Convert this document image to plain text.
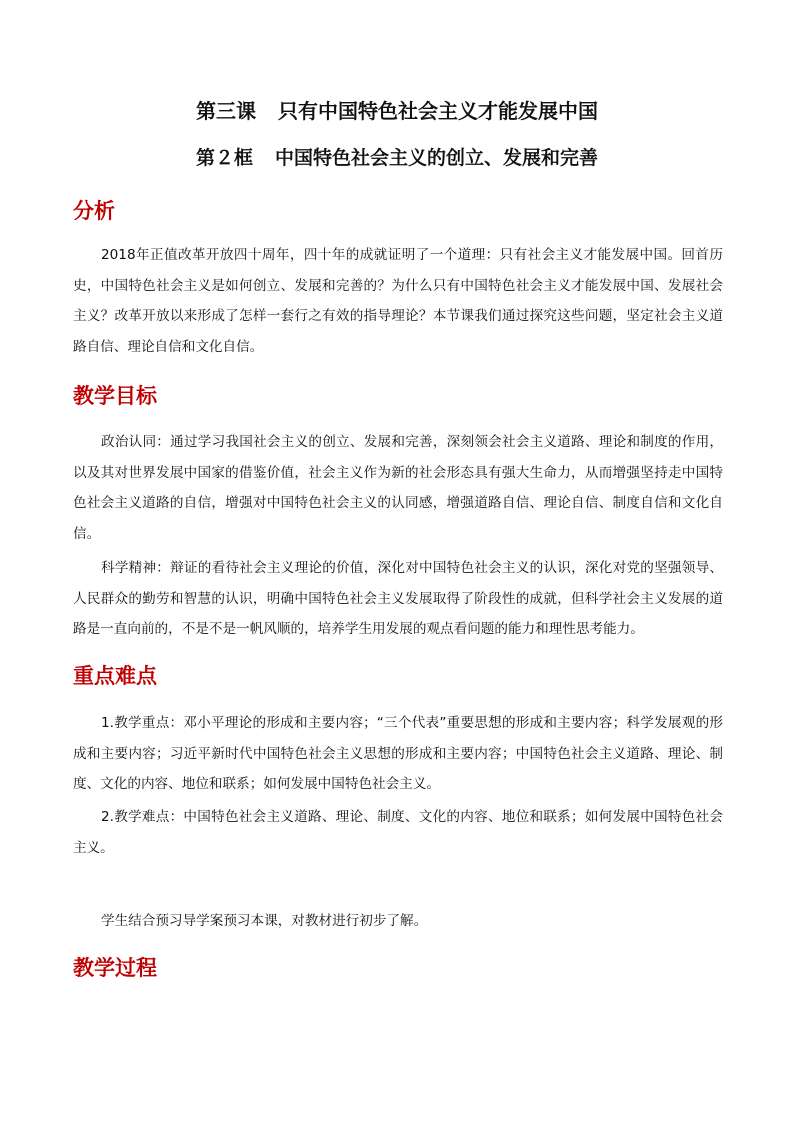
第三课 只有中国特色社会主义才能发展中国
第２框 中国特色社会主义的创立、发展和完善
分析

2018年正值改革开放四十周年，四十年的成就证明了一个道理：只有社会主义才能发展中国。回首历史，中国特色社会主义是如何创立、发展和完善的？为什么只有中国特色社会主义才能发展中国、发展社会主义？改革开放以来形成了怎样一套行之有效的指导理论？本节课我们通过探究这些问题，坚定社会主义道路自信、理论自信和文化自信。

教学目标

政治认同：通过学习我国社会主义的创立、发展和完善，深刻领会社会主义道路、理论和制度的作用，以及其对世界发展中国家的借鉴价值，社会主义作为新的社会形态具有强大生命力，从而增强坚持走中国特色社会主义道路的自信，增强对中国特色社会主义的认同感，增强道路自信、理论自信、制度自信和文化自信。

科学精神：辩证的看待社会主义理论的价值，深化对中国特色社会主义的认识，深化对党的坚强领导、人民群众的勤劳和智慧的认识，明确中国特色社会主义发展取得了阶段性的成就，但科学社会主义发展的道路是一直向前的，不是不是一帆风顺的，培养学生用发展的观点看问题的能力和理性思考能力。

重点难点

1.教学重点：邓小平理论的形成和主要内容；“三个代表”重要思想的形成和主要内容；科学发展观的形成和主要内容；习近平新时代中国特色社会主义思想的形成和主要内容；中国特色社会主义道路、理论、制度、文化的内容、地位和联系；如何发展中国特色社会主义。

2.教学难点：中国特色社会主义道路、理论、制度、文化的内容、地位和联系；如何发展中国特色社会主义。

学生结合预习导学案预习本课，对教材进行初步了解。

教学过程
